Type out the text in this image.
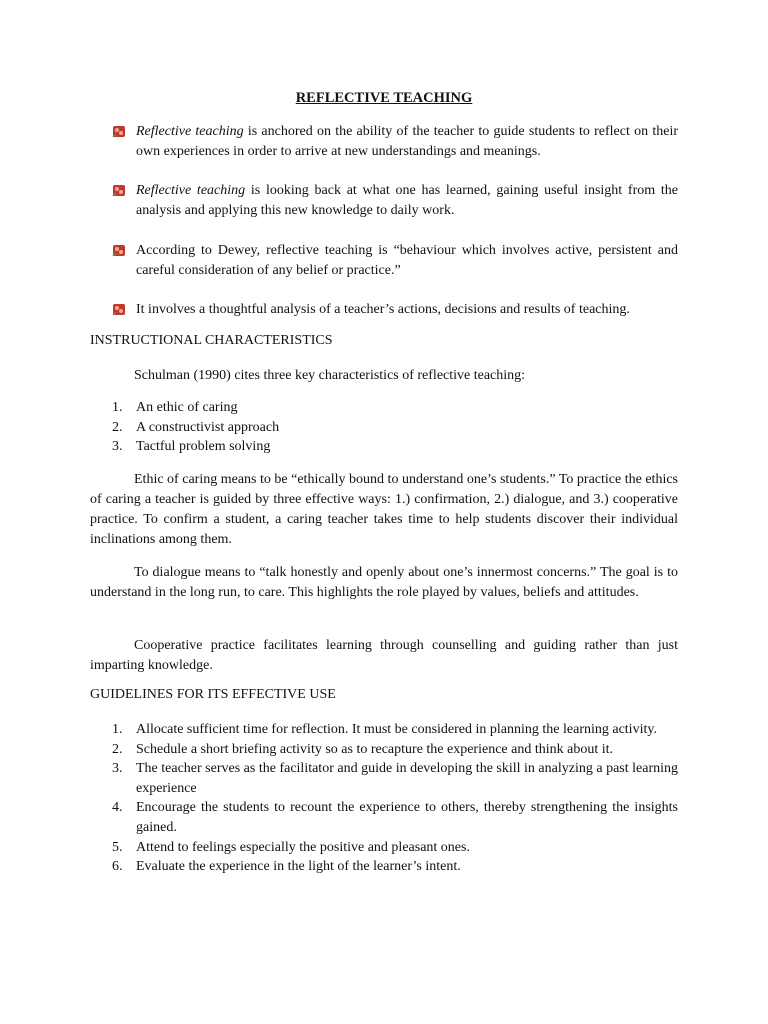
REFLECTIVE TEACHING
Reflective teaching is anchored on the ability of the teacher to guide students to reflect on their own experiences in order to arrive at new understandings and meanings.
Reflective teaching is looking back at what one has learned, gaining useful insight from the analysis and applying this new knowledge to daily work.
According to Dewey, reflective teaching is “behaviour which involves active, persistent and careful consideration of any belief or practice.”
It involves a thoughtful analysis of a teacher’s actions, decisions and results of teaching.
INSTRUCTIONAL CHARACTERISTICS
Schulman (1990) cites three key characteristics of reflective teaching:
1. An ethic of caring
2. A constructivist approach
3. Tactful problem solving
Ethic of caring means to be “ethically bound to understand one’s students.” To practice the ethics of caring a teacher is guided by three effective ways: 1.) confirmation, 2.) dialogue, and 3.) cooperative practice. To confirm a student, a caring teacher takes time to help students discover their individual inclinations among them.
To dialogue means to “talk honestly and openly about one’s innermost concerns.” The goal is to understand in the long run, to care. This highlights the role played by values, beliefs and attitudes.
Cooperative practice facilitates learning through counselling and guiding rather than just imparting knowledge.
GUIDELINES FOR ITS EFFECTIVE USE
1. Allocate sufficient time for reflection. It must be considered in planning the learning activity.
2. Schedule a short briefing activity so as to recapture the experience and think about it.
3. The teacher serves as the facilitator and guide in developing the skill in analyzing a past learning experience
4. Encourage the students to recount the experience to others, thereby strengthening the insights gained.
5. Attend to feelings especially the positive and pleasant ones.
6. Evaluate the experience in the light of the learner’s intent.
